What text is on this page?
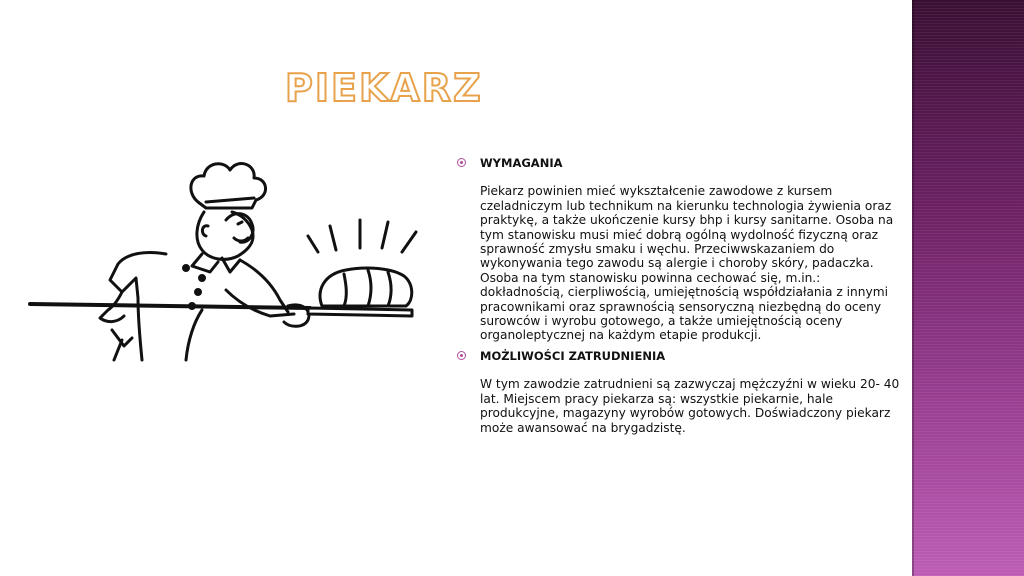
PIEKARZ

WYMAGANIA

Piekarz powinien mieć wykształcenie zawodowe z kursem czeladniczym lub technikum na kierunku technologia żywienia oraz praktykę, a także ukończenie kursy bhp i kursy sanitarne. Osoba na tym stanowisku musi mieć dobrą ogólną wydolność fizyczną oraz sprawność zmysłu smaku i węchu. Przeciwwskazaniem do wykonywania tego zawodu są alergie i choroby skóry, padaczka. Osoba na tym stanowisku powinna cechować się, m.in.: dokładnością, cierpliwością, umiejętnością współdziałania z innymi pracownikami oraz sprawnością sensoryczną niezbędną do oceny surowców i wyrobu gotowego, a także umiejętnością oceny organoleptycznej na każdym etapie produkcji.

MOŻLIWOŚCI ZATRUDNIENIA

W tym zawodzie zatrudnieni są zazwyczaj mężczyźni w wieku 20- 40 lat. Miejscem pracy piekarza są: wszystkie piekarnie, hale produkcyjne, magazyny wyrobów gotowych. Doświadczony piekarz może awansować na brygadzistę.
